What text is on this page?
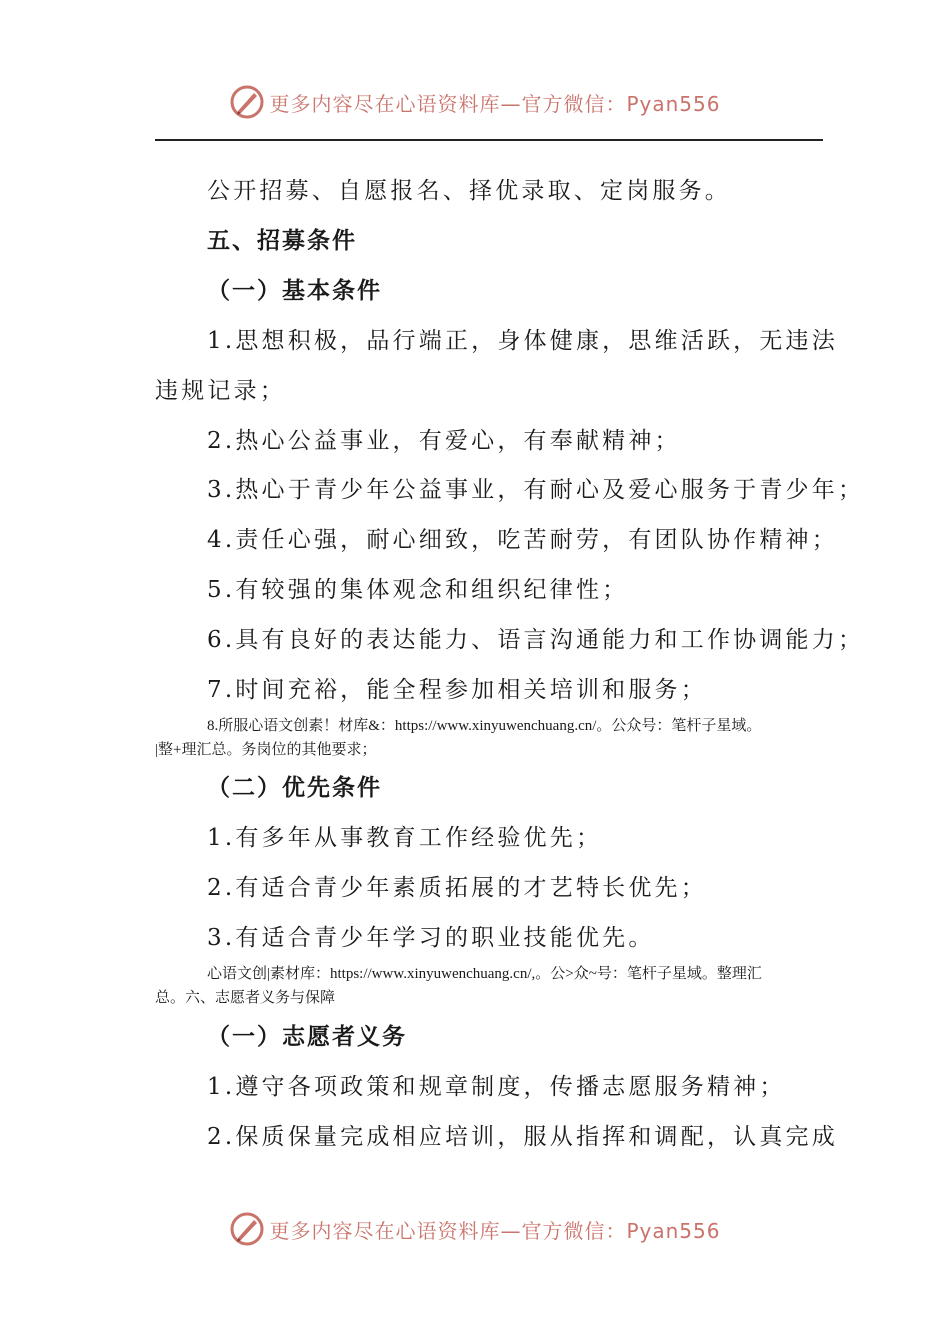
更多内容尽在心语资料库—官方微信：Pyan556
公开招募、自愿报名、择优录取、定岗服务。
五、招募条件
（一）基本条件
1.思想积极，品行端正，身体健康，思维活跃，无违法
违规记录；
2.热心公益事业，有爱心，有奉献精神；
3.热心于青少年公益事业，有耐心及爱心服务于青少年；
4.责任心强，耐心细致，吃苦耐劳，有团队协作精神；
5.有较强的集体观念和组织纪律性；
6.具有良好的表达能力、语言沟通能力和工作协调能力；
7.时间充裕，能全程参加相关培训和服务；
8.所服心语文创素！材库&：https://www.xinyuwenchuang.cn/。公众号：笔杆子星域。
|整+理汇总。务岗位的其他要求；
（二）优先条件
1.有多年从事教育工作经验优先；
2.有适合青少年素质拓展的才艺特长优先；
3.有适合青少年学习的职业技能优先。
心语文创|素材库：https://www.xinyuwenchuang.cn/,。公>众~号：笔杆子星域。整理汇
总。六、志愿者义务与保障
（一）志愿者义务
1.遵守各项政策和规章制度，传播志愿服务精神；
2.保质保量完成相应培训，服从指挥和调配，认真完成
更多内容尽在心语资料库—官方微信：Pyan556
